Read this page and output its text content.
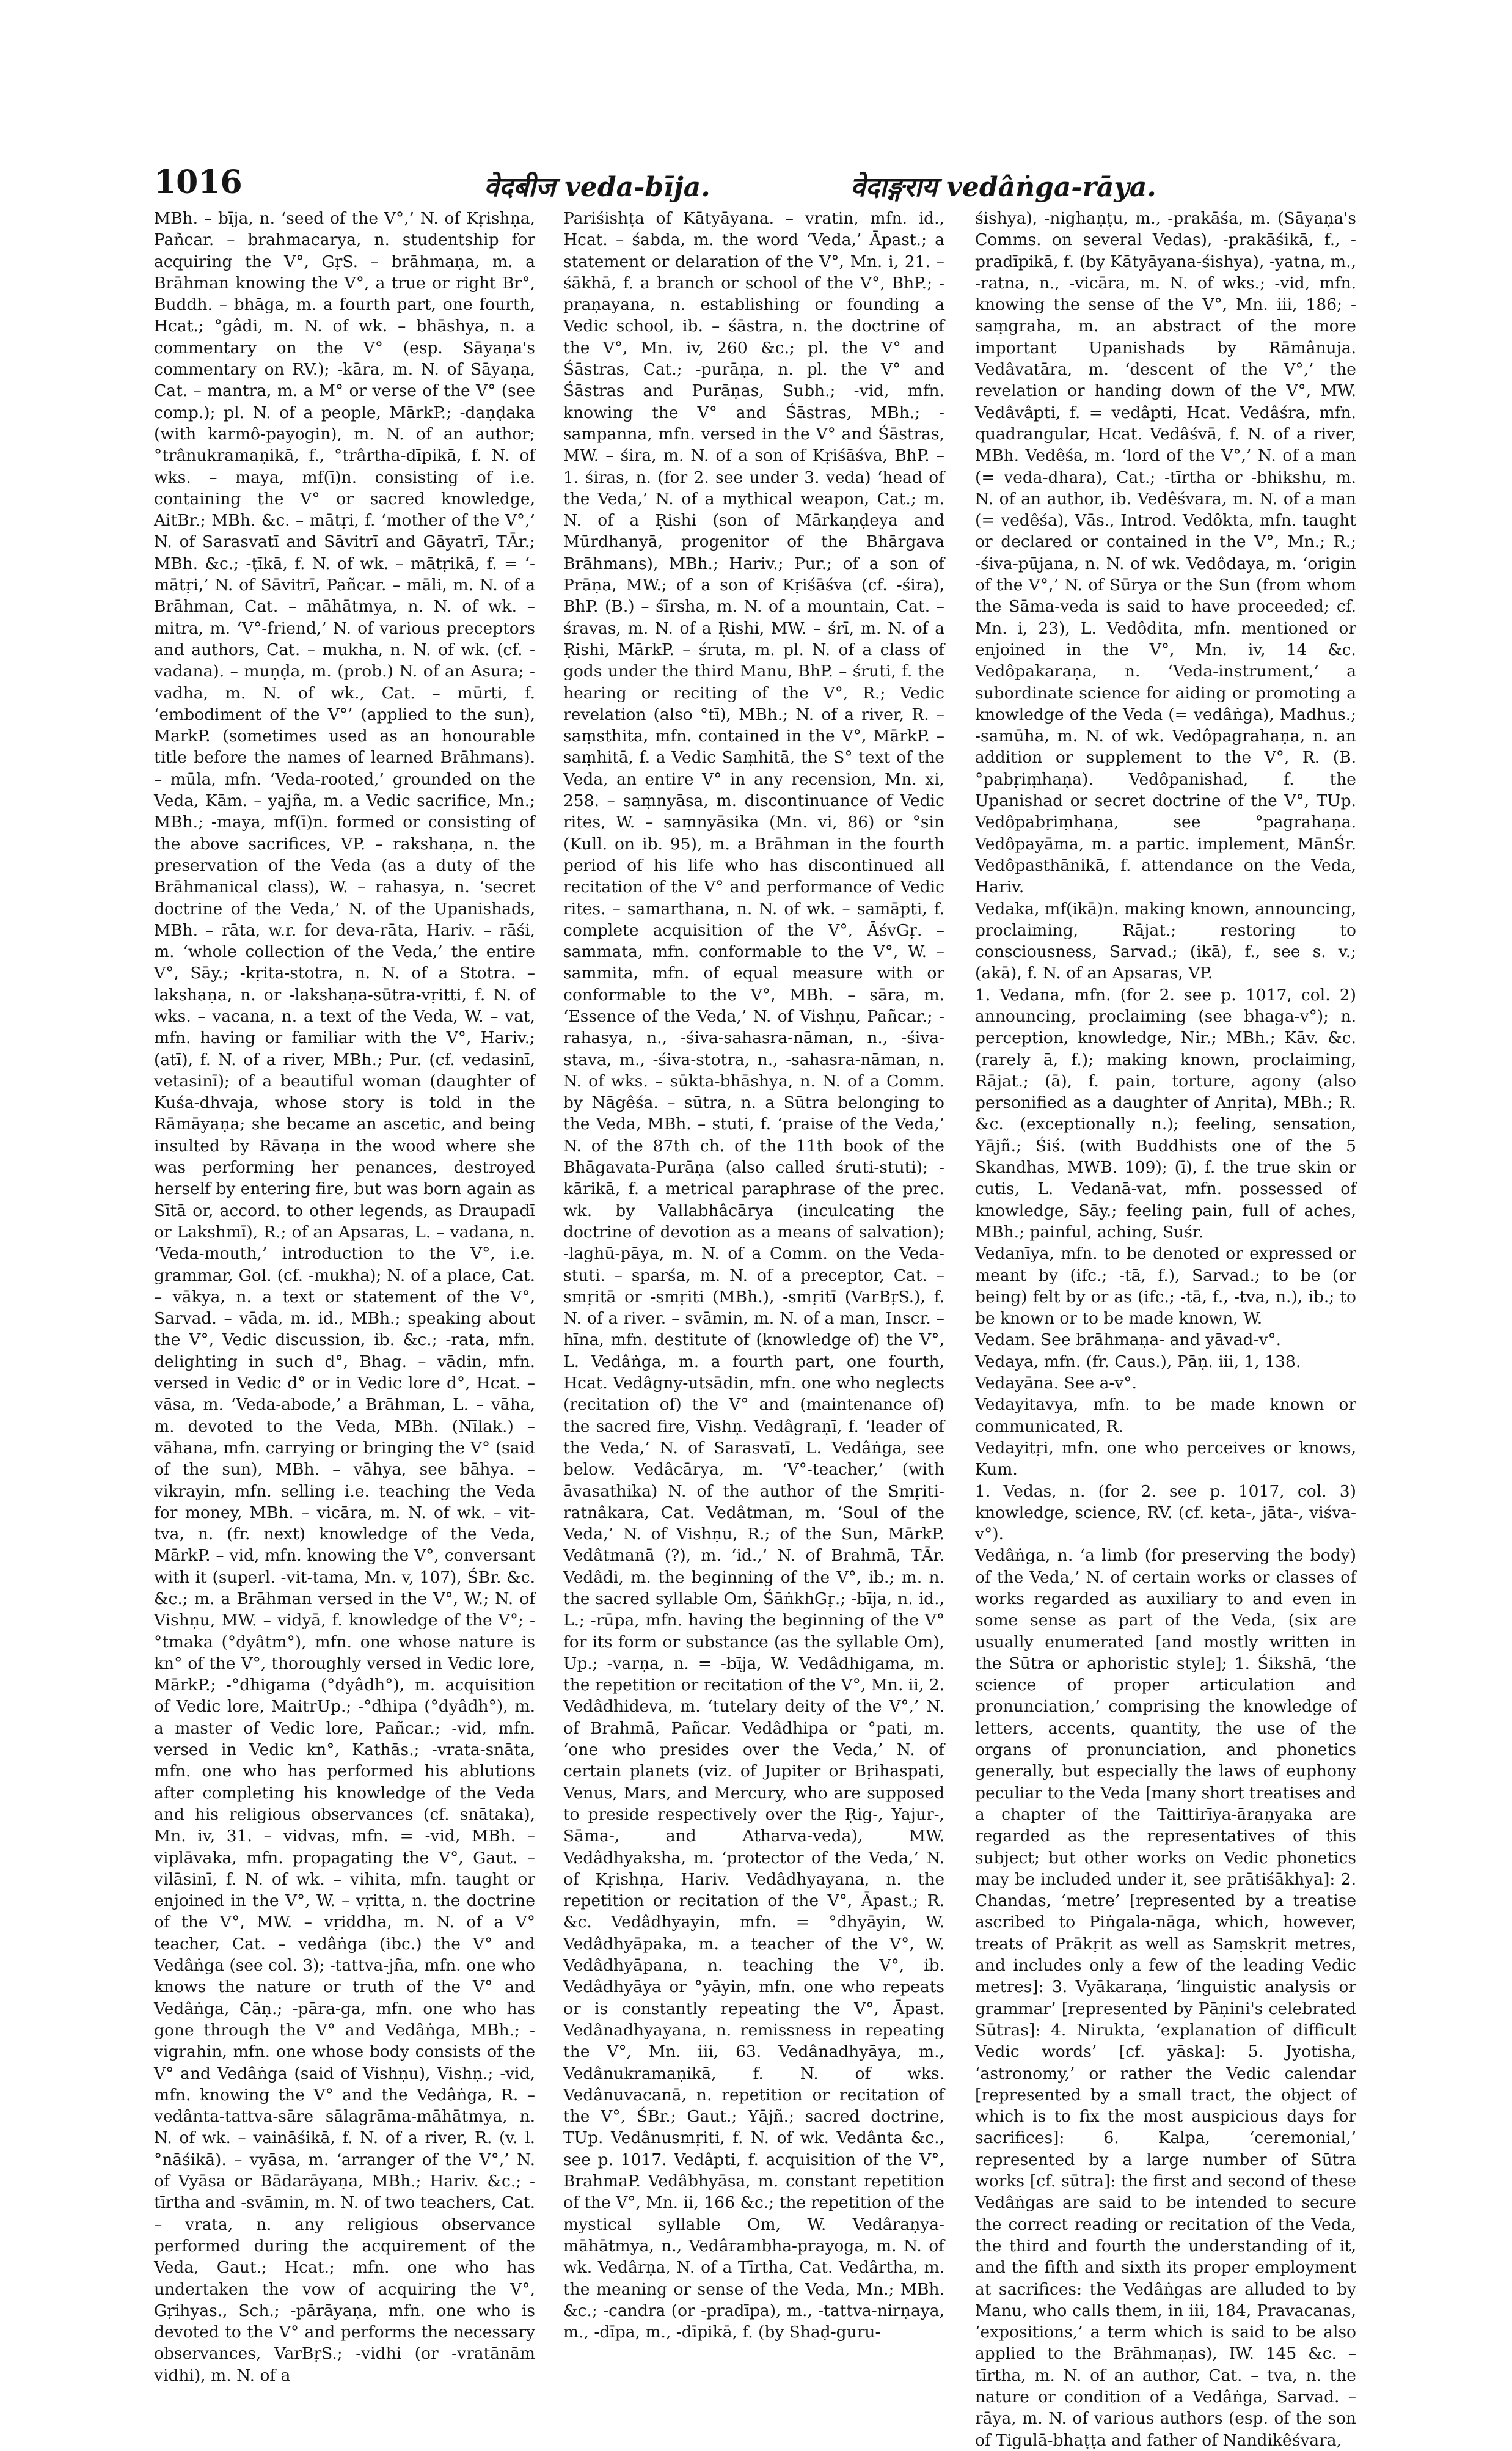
1016	वेदबीज veda-bīja.	वेदाङ्गराय vedâṅga-rāya.

MBh. – bīja, n. ‘seed of the V°,’ N. of Kṛishṇa, Pañcar. – brahmacarya, n. studentship for acquiring the V°, GṛS. – brāhmaṇa, m. a Brāhman knowing the V°, a true or right Br°, Buddh. – bhāga, m. a fourth part, one fourth, Hcat.; °gâdi, m. N. of wk. – bhāshya, n. a commentary on the V° (esp. Sāyaṇa's commentary on RV.); -kāra, m. N. of Sāyaṇa, Cat. – mantra, m. a M° or verse of the V° (see comp.); pl. N. of a people, MārkP.; -daṇḍaka (with karmô-payogin), m. N. of an author; °trânukramaṇikā, f., °trârtha-dīpikā, f. N. of wks. – maya, mf(ī)n. consisting of i.e. containing the V° or sacred knowledge, AitBr.; MBh. &c. – mātṛi, f. ‘mother of the V°,’ N. of Sarasvatī and Sāvitrī and Gāyatrī, TĀr.; MBh. &c.; -ṭīkā, f. N. of wk. – mātṛikā, f. = ‘-mātṛi,’ N. of Sāvitrī, Pañcar. – māli, m. N. of a Brāhman, Cat. – māhātmya, n. N. of wk. – mitra, m. ‘V°-friend,’ N. of various preceptors and authors, Cat. – mukha, n. N. of wk. (cf. -vadana). – muṇḍa, m. (prob.) N. of an Asura; -vadha, m. N. of wk., Cat. – mūrti, f. ‘embodiment of the V°’ (applied to the sun), MarkP. (sometimes used as an honourable title before the names of learned Brāhmans). – mūla, mfn. ‘Veda-rooted,’ grounded on the Veda, Kām. – yajña, m. a Vedic sacrifice, Mn.; MBh.; -maya, mf(ī)n. formed or consisting of the above sacrifices, VP. – rakshaṇa, n. the preservation of the Veda (as a duty of the Brāhmanical class), W. – rahasya, n. ‘secret doctrine of the Veda,’ N. of the Upanishads, MBh. – rāta, w.r. for deva-rāta, Hariv. – rāśi, m. ‘whole collection of the Veda,’ the entire V°, Sāy.; -kṛita-stotra, n. N. of a Stotra. – lakshaṇa, n. or -lakshaṇa-sūtra-vṛitti, f. N. of wks. – vacana, n. a text of the Veda, W. – vat, mfn. having or familiar with the V°, Hariv.; (atī), f. N. of a river, MBh.; Pur. (cf. vedasinī, vetasinī); of a beautiful woman (daughter of Kuśa-dhvaja, whose story is told in the Rāmāyaṇa; she became an ascetic, and being insulted by Rāvaṇa in the wood where she was performing her penances, destroyed herself by entering fire, but was born again as Sītā or, accord. to other legends, as Draupadī or Lakshmī), R.; of an Apsaras, L. – vadana, n. ‘Veda-mouth,’ introduction to the V°, i.e. grammar, Gol. (cf. -mukha); N. of a place, Cat. – vākya, n. a text or statement of the V°, Sarvad. – vāda, m. id., MBh.; speaking about the V°, Vedic discussion, ib. &c.; -rata, mfn. delighting in such d°, Bhag. – vādin, mfn. versed in Vedic d° or in Vedic lore d°, Hcat. – vāsa, m. ‘Veda-abode,’ a Brāhman, L. – vāha, m. devoted to the Veda, MBh. (Nīlak.) – vāhana, mfn. carrying or bringing the V° (said of the sun), MBh. – vāhya, see bāhya. – vikrayin, mfn. selling i.e. teaching the Veda for money, MBh. – vicāra, m. N. of wk. – vit-tva, n. (fr. next) knowledge of the Veda, MārkP. – vid, mfn. knowing the V°, conversant with it (superl. -vit-tama, Mn. v, 107), ŚBr. &c. &c.; m. a Brāhman versed in the V°, W.; N. of Vishṇu, MW. – vidyā, f. knowledge of the V°; -°tmaka (°dyâtm°), mfn. one whose nature is kn° of the V°, thoroughly versed in Vedic lore, MārkP.; -°dhigama (°dyâdh°), m. acquisition of Vedic lore, MaitrUp.; -°dhipa (°dyâdh°), m. a master of Vedic lore, Pañcar.; -vid, mfn. versed in Vedic kn°, Kathās.; -vrata-snāta, mfn. one who has performed his ablutions after completing his knowledge of the Veda and his religious observances (cf. snātaka), Mn. iv, 31. – vidvas, mfn. = -vid, MBh. – viplāvaka, mfn. propagating the V°, Gaut. – vilāsinī, f. N. of wk. – vihita, mfn. taught or enjoined in the V°, W. – vṛitta, n. the doctrine of the V°, MW. – vṛiddha, m. N. of a V° teacher, Cat. – vedâṅga (ibc.) the V° and Vedâṅga (see col. 3); -tattva-jña, mfn. one who knows the nature or truth of the V° and Vedâṅga, Cāṇ.; -pāra-ga, mfn. one who has gone through the V° and Vedâṅga, MBh.; -vigrahin, mfn. one whose body consists of the V° and Vedâṅga (said of Vishṇu), Vishṇ.; -vid, mfn. knowing the V° and the Vedâṅga, R. – vedânta-tattva-sāre sālagrāma-māhātmya, n. N. of wk. – vaināśikā, f. N. of a river, R. (v. l. °nāśikā). – vyāsa, m. ‘arranger of the V°,’ N. of Vyāsa or Bādarāyaṇa, MBh.; Hariv. &c.; -tīrtha and -svāmin, m. N. of two teachers, Cat. – vrata, n. any religious observance performed during the acquirement of the Veda, Gaut.; Hcat.; mfn. one who has undertaken the vow of acquiring the V°, Gṛihyas., Sch.; -pārāyaṇa, mfn. one who is devoted to the V° and performs the necessary observances, VarBṛS.; -vidhi (or -vratānām vidhi), m. N. of a

Pariśishṭa of Kātyāyana. – vratin, mfn. id., Hcat. – śabda, m. the word ‘Veda,’ Āpast.; a statement or delaration of the V°, Mn. i, 21. – śākhā, f. a branch or school of the V°, BhP.; -praṇayana, n. establishing or founding a Vedic school, ib. – śāstra, n. the doctrine of the V°, Mn. iv, 260 &c.; pl. the V° and Śāstras, Cat.; -purāṇa, n. pl. the V° and Śāstras and Purāṇas, Subh.; -vid, mfn. knowing the V° and Śāstras, MBh.; -sampanna, mfn. versed in the V° and Śāstras, MW. – śira, m. N. of a son of Kṛiśāśva, BhP. – 1. śiras, n. (for 2. see under 3. veda) ‘head of the Veda,’ N. of a mythical weapon, Cat.; m. N. of a Ṛishi (son of Mārkaṇḍeya and Mūrdhanyā, progenitor of the Bhārgava Brāhmans), MBh.; Hariv.; Pur.; of a son of Prāṇa, MW.; of a son of Kṛiśāśva (cf. -śira), BhP. (B.) – śīrsha, m. N. of a mountain, Cat. – śravas, m. N. of a Ṛishi, MW. – śrī, m. N. of a Ṛishi, MārkP. – śruta, m. pl. N. of a class of gods under the third Manu, BhP. – śruti, f. the hearing or reciting of the V°, R.; Vedic revelation (also °tī), MBh.; N. of a river, R. – saṃsthita, mfn. contained in the V°, MārkP. – saṃhitā, f. a Vedic Saṃhitā, the S° text of the Veda, an entire V° in any recension, Mn. xi, 258. – saṃnyāsa, m. discontinuance of Vedic rites, W. – saṃnyāsika (Mn. vi, 86) or °sin (Kull. on ib. 95), m. a Brāhman in the fourth period of his life who has discontinued all recitation of the V° and performance of Vedic rites. – samarthana, n. N. of wk. – samāpti, f. complete acquisition of the V°, ĀśvGṛ. – sammata, mfn. conformable to the V°, W. – sammita, mfn. of equal measure with or conformable to the V°, MBh. – sāra, m. ‘Essence of the Veda,’ N. of Vishṇu, Pañcar.; -rahasya, n., -śiva-sahasra-nāman, n., -śiva-stava, m., -śiva-stotra, n., -sahasra-nāman, n. N. of wks. – sūkta-bhāshya, n. N. of a Comm. by Nāgêśa. – sūtra, n. a Sūtra belonging to the Veda, MBh. – stuti, f. ‘praise of the Veda,’ N. of the 87th ch. of the 11th book of the Bhāgavata-Purāṇa (also called śruti-stuti); -kārikā, f. a metrical paraphrase of the prec. wk. by Vallabhâcārya (inculcating the doctrine of devotion as a means of salvation); -laghū-pāya, m. N. of a Comm. on the Veda-stuti. – sparśa, m. N. of a preceptor, Cat. – smṛitā or -smṛiti (MBh.), -smṛitī (VarBṛS.), f. N. of a river. – svāmin, m. N. of a man, Inscr. – hīna, mfn. destitute of (knowledge of) the V°, L. Vedâṅga, m. a fourth part, one fourth, Hcat. Vedâgny-utsādin, mfn. one who neglects (recitation of) the V° and (maintenance of) the sacred fire, Vishṇ. Vedâgraṇī, f. ‘leader of the Veda,’ N. of Sarasvatī, L. Vedâṅga, see below. Vedâcārya, m. ‘V°-teacher,’ (with āvasathika) N. of the author of the Smṛiti-ratnâkara, Cat. Vedâtman, m. ‘Soul of the Veda,’ N. of Vishṇu, R.; of the Sun, MārkP. Vedâtmanā (?), m. ‘id.,’ N. of Brahmā, TĀr. Vedâdi, m. the beginning of the V°, ib.; m. n. the sacred syllable Om, ŚāṅkhGṛ.; -bīja, n. id., L.; -rūpa, mfn. having the beginning of the V° for its form or substance (as the syllable Om), Up.; -varṇa, n. = -bīja, W. Vedâdhigama, m. the repetition or recitation of the V°, Mn. ii, 2. Vedâdhideva, m. ‘tutelary deity of the V°,’ N. of Brahmā, Pañcar. Vedâdhipa or °pati, m. ‘one who presides over the Veda,’ N. of certain planets (viz. of Jupiter or Bṛihaspati, Venus, Mars, and Mercury, who are supposed to preside respectively over the Ṛig-, Yajur-, Sāma-, and Atharva-veda), MW. Vedâdhyaksha, m. ‘protector of the Veda,’ N. of Kṛishṇa, Hariv. Vedâdhyayana, n. the repetition or recitation of the V°, Āpast.; R. &c. Vedâdhyayin, mfn. = °dhyāyin, W. Vedâdhyāpaka, m. a teacher of the V°, W. Vedâdhyāpana, n. teaching the V°, ib. Vedâdhyāya or °yāyin, mfn. one who repeats or is constantly repeating the V°, Āpast. Vedânadhyayana, n. remissness in repeating the V°, Mn. iii, 63. Vedânadhyāya, m., Vedânukramaṇikā, f. N. of wks. Vedânuvacanā, n. repetition or recitation of the V°, ŚBr.; Gaut.; Yājñ.; sacred doctrine, TUp. Vedânusmṛiti, f. N. of wk. Vedânta &c., see p. 1017. Vedâpti, f. acquisition of the V°, BrahmaP. Vedâbhyāsa, m. constant repetition of the V°, Mn. ii, 166 &c.; the repetition of the mystical syllable Om, W. Vedâraṇya-māhātmya, n., Vedârambha-prayoga, m. N. of wk. Vedârṇa, N. of a Tīrtha, Cat. Vedârtha, m. the meaning or sense of the Veda, Mn.; MBh. &c.; -candra (or -pradīpa), m., -tattva-nirṇaya, m., -dīpa, m., -dīpikā, f. (by Shaḍ-guru-

śishya), -nighaṇṭu, m., -prakāśa, m. (Sāyaṇa's Comms. on several Vedas), -prakāśikā, f., -pradīpikā, f. (by Kātyāyana-śishya), -yatna, m., -ratna, n., -vicāra, m. N. of wks.; -vid, mfn. knowing the sense of the V°, Mn. iii, 186; -saṃgraha, m. an abstract of the more important Upanishads by Rāmânuja. Vedâvatāra, m. ‘descent of the V°,’ the revelation or handing down of the V°, MW. Vedâvâpti, f. = vedâpti, Hcat. Vedâśra, mfn. quadrangular, Hcat. Vedâśvā, f. N. of a river, MBh. Vedêśa, m. ‘lord of the V°,’ N. of a man (= veda-dhara), Cat.; -tīrtha or -bhikshu, m. N. of an author, ib. Vedêśvara, m. N. of a man (= vedêśa), Vās., Introd. Vedôkta, mfn. taught or declared or contained in the V°, Mn.; R.; -śiva-pūjana, n. N. of wk. Vedôdaya, m. ‘origin of the V°,’ N. of Sūrya or the Sun (from whom the Sāma-veda is said to have proceeded; cf. Mn. i, 23), L. Vedôdita, mfn. mentioned or enjoined in the V°, Mn. iv, 14 &c. Vedôpakaraṇa, n. ‘Veda-instrument,’ a subordinate science for aiding or promoting a knowledge of the Veda (= vedâṅga), Madhus.; -samūha, m. N. of wk. Vedôpagrahaṇa, n. an addition or supplement to the V°, R. (B. °pabṛiṃhaṇa). Vedôpanishad, f. the Upanishad or secret doctrine of the V°, TUp. Vedôpabṛiṃhaṇa, see °pagrahaṇa. Vedôpayāma, m. a partic. implement, MānŚr. Vedôpasthānikā, f. attendance on the Veda, Hariv.

Vedaka, mf(ikā)n. making known, announcing, proclaiming, Rājat.; restoring to consciousness, Sarvad.; (ikā), f., see s. v.; (akā), f. N. of an Apsaras, VP.

1. Vedana, mfn. (for 2. see p. 1017, col. 2) announcing, proclaiming (see bhaga-v°); n. perception, knowledge, Nir.; MBh.; Kāv. &c. (rarely ā, f.); making known, proclaiming, Rājat.; (ā), f. pain, torture, agony (also personified as a daughter of Anṛita), MBh.; R. &c. (exceptionally n.); feeling, sensation, Yājñ.; Śiś. (with Buddhists one of the 5 Skandhas, MWB. 109); (ī), f. the true skin or cutis, L. Vedanā-vat, mfn. possessed of knowledge, Sāy.; feeling pain, full of aches, MBh.; painful, aching, Suśr.

Vedanīya, mfn. to be denoted or expressed or meant by (ifc.; -tā, f.), Sarvad.; to be (or being) felt by or as (ifc.; -tā, f., -tva, n.), ib.; to be known or to be made known, W.

Vedam. See brāhmaṇa- and yāvad-v°.

Vedaya, mfn. (fr. Caus.), Pāṇ. iii, 1, 138.

Vedayāna. See a-v°.

Vedayitavya, mfn. to be made known or communicated, R.

Vedayitṛi, mfn. one who perceives or knows, Kum.

1. Vedas, n. (for 2. see p. 1017, col. 3) knowledge, science, RV. (cf. keta-, jāta-, viśva-v°).

Vedâṅga, n. ‘a limb (for preserving the body) of the Veda,’ N. of certain works or classes of works regarded as auxiliary to and even in some sense as part of the Veda, (six are usually enumerated [and mostly written in the Sūtra or aphoristic style]; 1. Śikshā, ‘the science of proper articulation and pronunciation,’ comprising the knowledge of letters, accents, quantity, the use of the organs of pronunciation, and phonetics generally, but especially the laws of euphony peculiar to the Veda [many short treatises and a chapter of the Taittirīya-āraṇyaka are regarded as the representatives of this subject; but other works on Vedic phonetics may be included under it, see prātiśākhya]: 2. Chandas, ‘metre’ [represented by a treatise ascribed to Piṅgala-nāga, which, however, treats of Prākṛit as well as Saṃskṛit metres, and includes only a few of the leading Vedic metres]: 3. Vyākaraṇa, ‘linguistic analysis or grammar’ [represented by Pāṇini's celebrated Sūtras]: 4. Nirukta, ‘explanation of difficult Vedic words’ [cf. yāska]: 5. Jyotisha, ‘astronomy,’ or rather the Vedic calendar [represented by a small tract, the object of which is to fix the most auspicious days for sacrifices]: 6. Kalpa, ‘ceremonial,’ represented by a large number of Sūtra works [cf. sūtra]: the first and second of these Vedâṅgas are said to be intended to secure the correct reading or recitation of the Veda, the third and fourth the understanding of it, and the fifth and sixth its proper employment at sacrifices: the Vedâṅgas are alluded to by Manu, who calls them, in iii, 184, Pravacanas, ‘expositions,’ a term which is said to be also applied to the Brāhmaṇas), IW. 145 &c. – tīrtha, m. N. of an author, Cat. – tva, n. the nature or condition of a Vedâṅga, Sarvad. – rāya, m. N. of various authors (esp. of the son of Tigulā-bhaṭṭa and father of Nandikêśvara,
